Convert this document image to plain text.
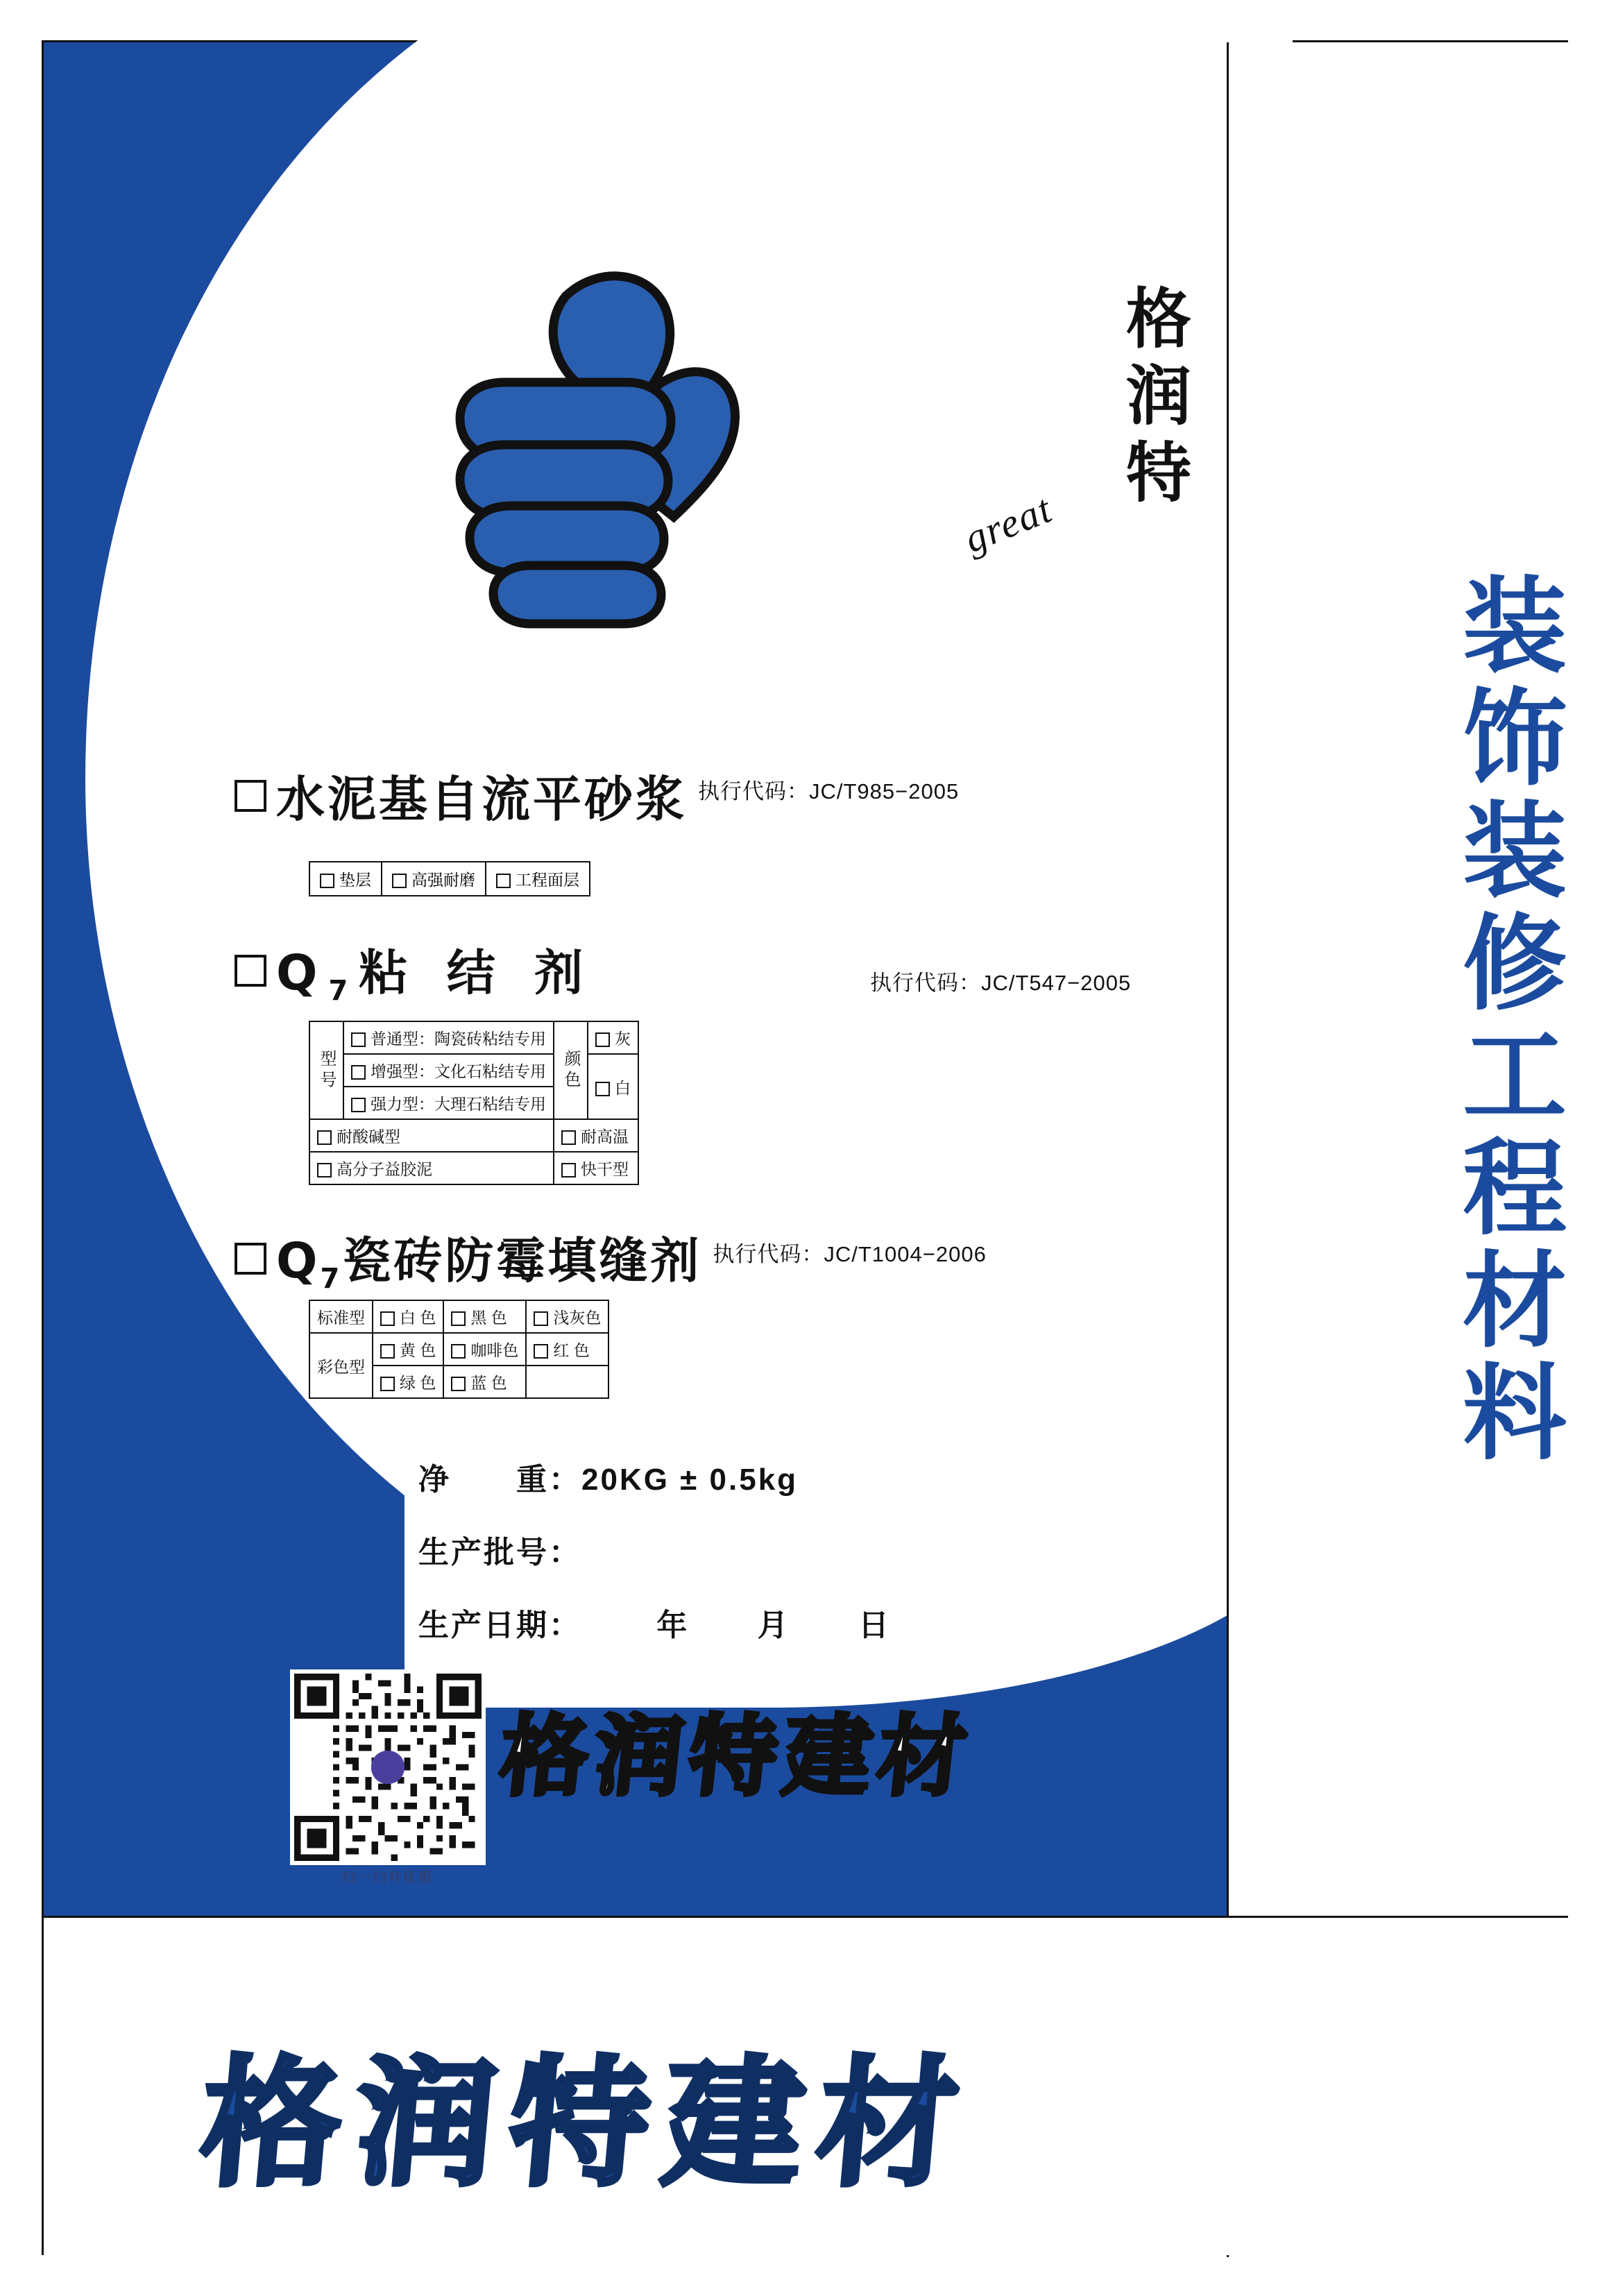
great
格
润
特
水泥基自流平砂浆 执行代码：JC/T985−2005
垫层	高强耐磨	工程面层
$Q_7$粘 结 剂	执行代码：JC/T547−2005
型号	普通型：陶瓷砖粘结专用	颜色	灰
	增强型：文化石粘结专用		白
	强力型：大理石粘结专用		
耐酸碱型		耐高温	
高分子益胶泥		快干型	
$Q_7$瓷砖防霉填缝剂 执行代码：JC/T1004−2006
标准型	白 色	黑 色	浅灰色
彩色型	黄 色	咖啡色	红 色
	绿 色	蓝 色	
净　　重：20KG ± 0.5kg
生产批号：
生产日期： 年 月 日
扫一扫有优惠
格润特建材
装饰装修工程材料
格润特建材
